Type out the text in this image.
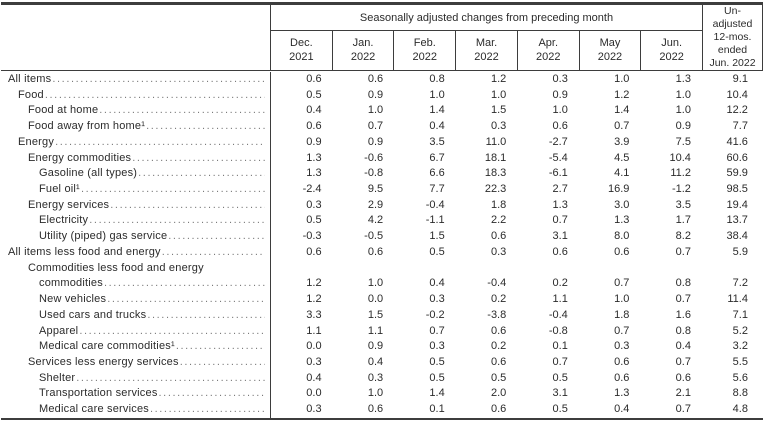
Seasonally adjusted changes from preceding month
Dec.
2021
Jan.
2022
Feb.
2022
Mar.
2022
Apr.
2022
May
2022
Jun.
2022
Un-
adjusted
12-mos.
ended
Jun. 2022
All items .....	0.6	0.6	0.8	1.2	0.3	1.0	1.3	9.1
Food .....	0.5	0.9	1.0	1.0	0.9	1.2	1.0	10.4
Food at home .....	0.4	1.0	1.4	1.5	1.0	1.4	1.0	12.2
Food away from home¹ .....	0.6	0.7	0.4	0.3	0.6	0.7	0.9	7.7
Energy .....	0.9	0.9	3.5	11.0	-2.7	3.9	7.5	41.6
Energy commodities .....	1.3	-0.6	6.7	18.1	-5.4	4.5	10.4	60.6
Gasoline (all types) .....	1.3	-0.8	6.6	18.3	-6.1	4.1	11.2	59.9
Fuel oil¹ .....	-2.4	9.5	7.7	22.3	2.7	16.9	-1.2	98.5
Energy services .....	0.3	2.9	-0.4	1.8	1.3	3.0	3.5	19.4
Electricity .....	0.5	4.2	-1.1	2.2	0.7	1.3	1.7	13.7
Utility (piped) gas service .....	-0.3	-0.5	1.5	0.6	3.1	8.0	8.2	38.4
All items less food and energy .....	0.6	0.6	0.5	0.3	0.6	0.6	0.7	5.9
Commodities less food and energy
commodities .....	1.2	1.0	0.4	-0.4	0.2	0.7	0.8	7.2
New vehicles .....	1.2	0.0	0.3	0.2	1.1	1.0	0.7	11.4
Used cars and trucks .....	3.3	1.5	-0.2	-3.8	-0.4	1.8	1.6	7.1
Apparel .....	1.1	1.1	0.7	0.6	-0.8	0.7	0.8	5.2
Medical care commodities¹ .....	0.0	0.9	0.3	0.2	0.1	0.3	0.4	3.2
Services less energy services .....	0.3	0.4	0.5	0.6	0.7	0.6	0.7	5.5
Shelter .....	0.4	0.3	0.5	0.5	0.5	0.6	0.6	5.6
Transportation services .....	0.0	1.0	1.4	2.0	3.1	1.3	2.1	8.8
Medical care services .....	0.3	0.6	0.1	0.6	0.5	0.4	0.7	4.8
